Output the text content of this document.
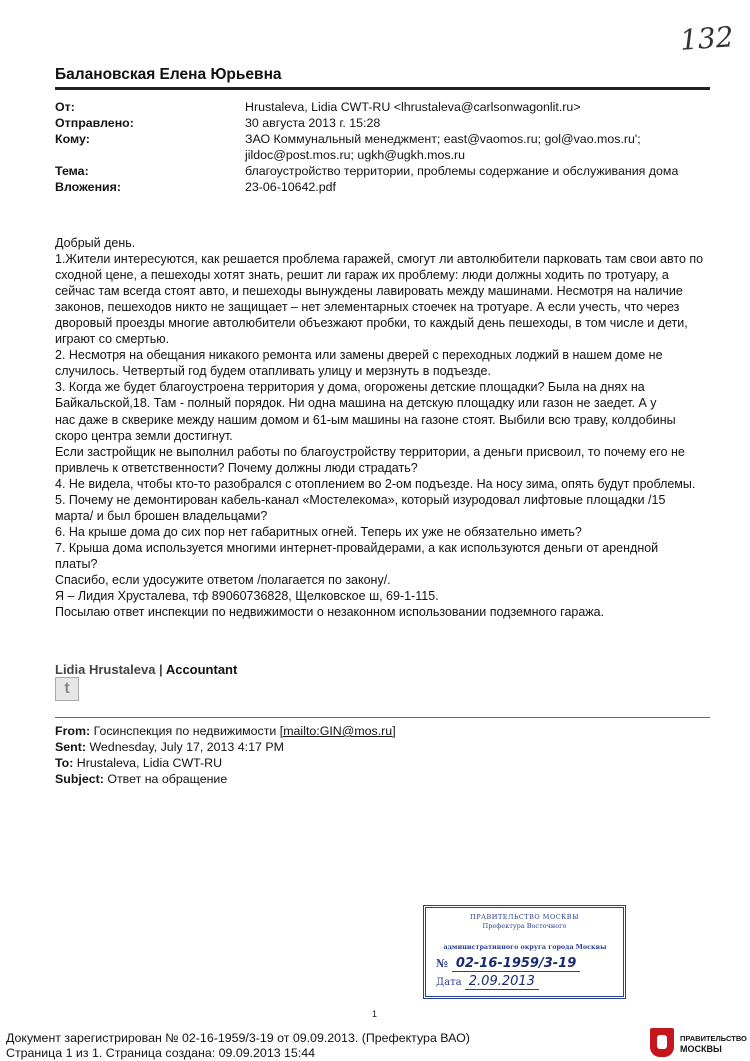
132
Балановская Елена Юрьевна
От:	Hrustaleva, Lidia CWT-RU <lhrustaleva@carlsonwagonlit.ru>
Отправлено:	30 августа 2013 г. 15:28
Кому:	ЗАО Коммунальный менеджмент; east@vaomos.ru; gol@vao.mos.ru';
jildoc@post.mos.ru; ugkh@ugkh.mos.ru
Тема:	благоустройство территории, проблемы содержание и обслуживания дома
Вложения:	23-06-10642.pdf

Добрый день.

1.Жители интересуются, как решается проблема гаражей, смогут ли автолюбители парковать там свои авто по

сходной цене, а пешеходы хотят знать, решит ли гараж их проблему: люди должны ходить по тротуару, а

сейчас там всегда стоят авто, и пешеходы вынуждены лавировать между машинами. Несмотря на наличие

законов, пешеходов никто не защищает – нет элементарных стоечек на тротуаре. А если учесть, что через

дворовый проезды многие автолюбители объезжают пробки, то каждый день пешеходы, в том числе и дети,

играют со смертью.

2. Несмотря на обещания никакого ремонта или замены дверей с переходных лоджий в нашем доме не

случилось. Четвертый год будем отапливать улицу и мерзнуть в подъезде.

3. Когда же будет благоустроена территория у дома, огорожены детские площадки? Была на днях на

Байкальской,18. Там - полный порядок. Ни одна машина на детскую площадку или газон не заедет. А у

нас даже в скверике между нашим домом и 61-ым машины на газоне стоят. Выбили всю траву, колдобины

скоро центра земли достигнут.

Если застройщик не выполнил работы по благоустройству территории, а деньги присвоил, то почему его не

привлечь к ответственности? Почему должны люди страдать?

4. Не видела, чтобы кто-то разобрался с отоплением во 2-ом подъезде. На носу зима, опять будут проблемы.

5. Почему не демонтирован кабель-канал «Мостелекома», который изуродовал лифтовые площадки /15

марта/ и был брошен владельцами?

6. На крыше дома до сих пор нет габаритных огней. Теперь их уже не обязательно иметь?

7. Крыша дома используется многими интернет-провайдерами, а как используются деньги от арендной

платы?

Спасибо, если удосужите ответом /полагается по закону/.

Я – Лидия Хрусталева, тф 89060736828, Щелковское ш, 69-1-115.

Посылаю ответ инспекции по недвижимости о незаконном использовании подземного гаража.

Lidia Hrustaleva | Accountant
t
From: Госинспекция по недвижимости [mailto:GIN@mos.ru]
Sent: Wednesday, July 17, 2013 4:17 PM
To: Hrustaleva, Lidia CWT-RU
Subject: Ответ на обращение
ПРАВИТЕЛЬСТВО МОСКВЫ
Префектура Восточного
административного округа города Москвы
№ 02-16-1959/3-19
Дата 2.09.2013
1
Документ зарегистрирован № 02-16-1959/3-19 от 09.09.2013. (Префектура ВАО)
Страница 1 из 1. Страница создана: 09.09.2013 15:44
ПРАВИТЕЛЬСТВО
МОСКВЫ
